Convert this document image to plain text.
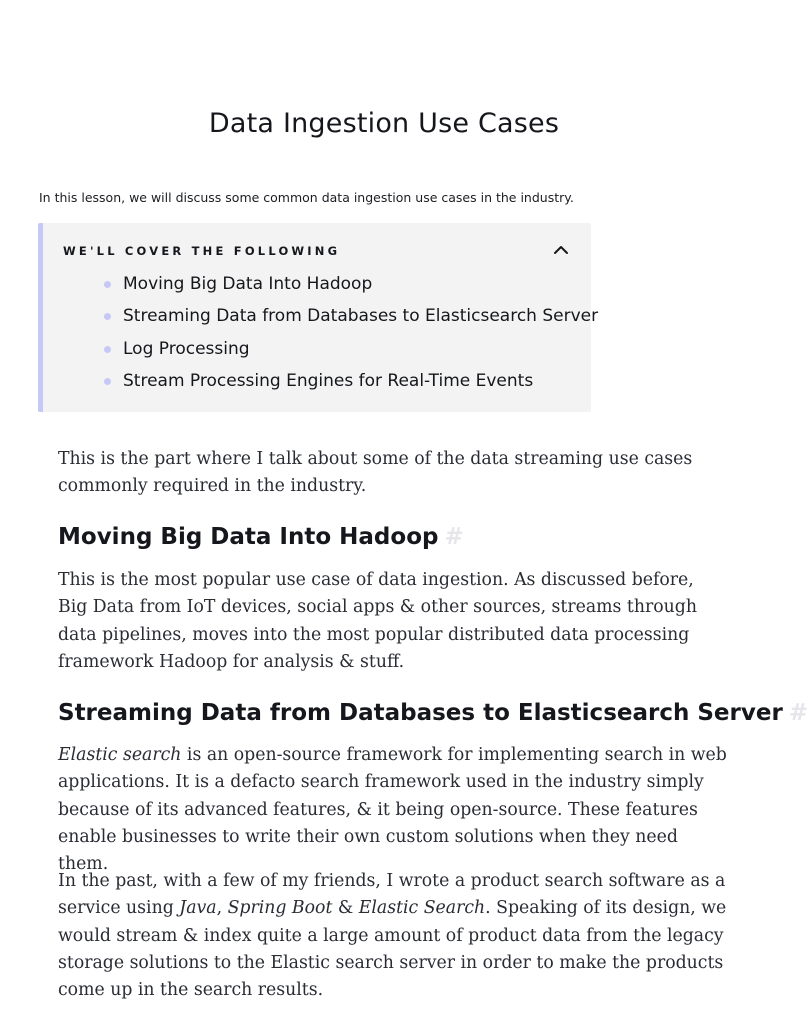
Data Ingestion Use Cases

In this lesson, we will discuss some common data ingestion use cases in the industry.

WE'LL COVER THE FOLLOWING
Moving Big Data Into Hadoop
Streaming Data from Databases to Elasticsearch Server
Log Processing
Stream Processing Engines for Real-Time Events

This is the part where I talk about some of the data streaming use cases commonly required in the industry.

Moving Big Data Into Hadoop #

This is the most popular use case of data ingestion. As discussed before, Big Data from IoT devices, social apps & other sources, streams through data pipelines, moves into the most popular distributed data processing framework Hadoop for analysis & stuff.

Streaming Data from Databases to Elasticsearch Server #

Elastic search is an open-source framework for implementing search in web applications. It is a defacto search framework used in the industry simply because of its advanced features, & it being open-source. These features enable businesses to write their own custom solutions when they need them.

In the past, with a few of my friends, I wrote a product search software as a service using Java, Spring Boot & Elastic Search. Speaking of its design, we would stream & index quite a large amount of product data from the legacy storage solutions to the Elastic search server in order to make the products come up in the search results.
